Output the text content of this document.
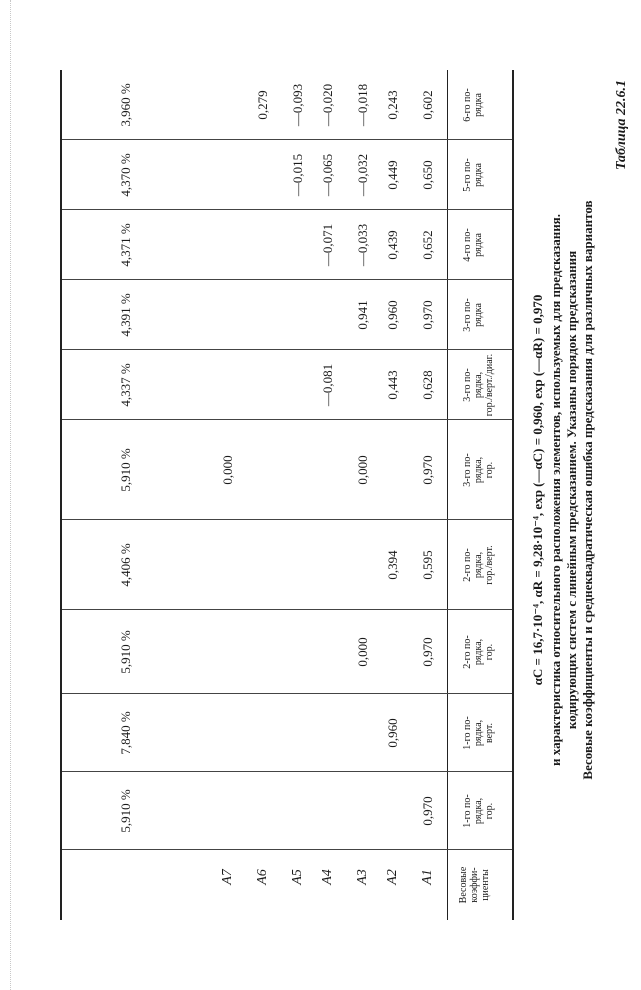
Таблица 22.6.1
Весовые коэффициенты и среднеквадратическая ошибка предсказания для различных вариантов
кодирующих систем с линейным предсказанием. Указаны порядок предсказания
и характеристика относительного расположения элементов, используемых для предсказания.
αC = 16,7·10⁻⁴, αR = 9,28·10⁻⁴, exp (—αC) = 0,960, exp (—αR) = 0,970
Весовые коэффи- циенты
1-го по- рядка, гор.
1-го по- рядка, верт.
2-го по- рядка, гор.
2-го по- рядка, гор./верт.
3-го по- рядка, гор.
3-го по- рядка, гор./верт./диаг.
3-го по- рядка
4-го по- рядка
5-го по- рядка
6-го по- рядка
A1
A2
A3
A4
A5
A6
A7
0,970
0,970
0,595
0,970
0,628
0,970
0,652
0,650
0,602
0,960
0,394
0,443
0,960
0,439
0,449
0,243
0,000
0,000
0,941
—0,033
—0,032
—0,018
—0,081
—0,071
—0,065
—0,020
—0,015
—0,093
0,279
0,000
5,910 %
7,840 %
5,910 %
4,406 %
5,910 %
4,337 %
4,391 %
4,371 %
4,370 %
3,960 %
